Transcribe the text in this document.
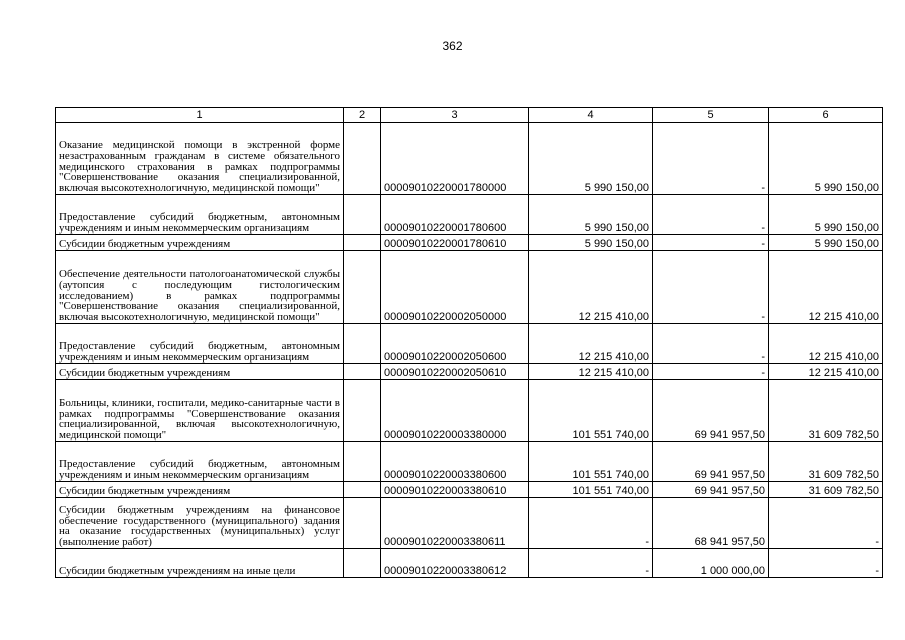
362
1	2	3	4	5	6
Оказание медицинской помощи в экстренной форме незастрахованным гражданам в системе обязательного медицинского страхования в рамках подпрограммы "Совершенствование оказания специализированной, включая высокотехнологичную, медицинской помощи"		00009010220001780000	5 990 150,00	-	5 990 150,00
Предоставление субсидий бюджетным, автономным учреждениям и иным некоммерческим организациям		00009010220001780600	5 990 150,00	-	5 990 150,00
Субсидии бюджетным учреждениям		00009010220001780610	5 990 150,00	-	5 990 150,00
Обеспечение деятельности патологоанатомической службы (аутопсия с последующим гистологическим исследованием) в рамках подпрограммы "Совершенствование оказания специализированной, включая высокотехнологичную, медицинской помощи"		00009010220002050000	12 215 410,00	-	12 215 410,00
Предоставление субсидий бюджетным, автономным учреждениям и иным некоммерческим организациям		00009010220002050600	12 215 410,00	-	12 215 410,00
Субсидии бюджетным учреждениям		00009010220002050610	12 215 410,00	-	12 215 410,00
Больницы, клиники, госпитали, медико-санитарные части в рамках подпрограммы "Совершенствование оказания специализированной, включая высокотехнологичную, медицинской помощи"		00009010220003380000	101 551 740,00	69 941 957,50	31 609 782,50
Предоставление субсидий бюджетным, автономным учреждениям и иным некоммерческим организациям		00009010220003380600	101 551 740,00	69 941 957,50	31 609 782,50
Субсидии бюджетным учреждениям		00009010220003380610	101 551 740,00	69 941 957,50	31 609 782,50
Субсидии бюджетным учреждениям на финансовое обеспечение государственного (муниципального) задания на оказание государственных (муниципальных) услуг (выполнение работ)		00009010220003380611	-	68 941 957,50	-
Субсидии бюджетным учреждениям на иные цели		00009010220003380612	-	1 000 000,00	-
